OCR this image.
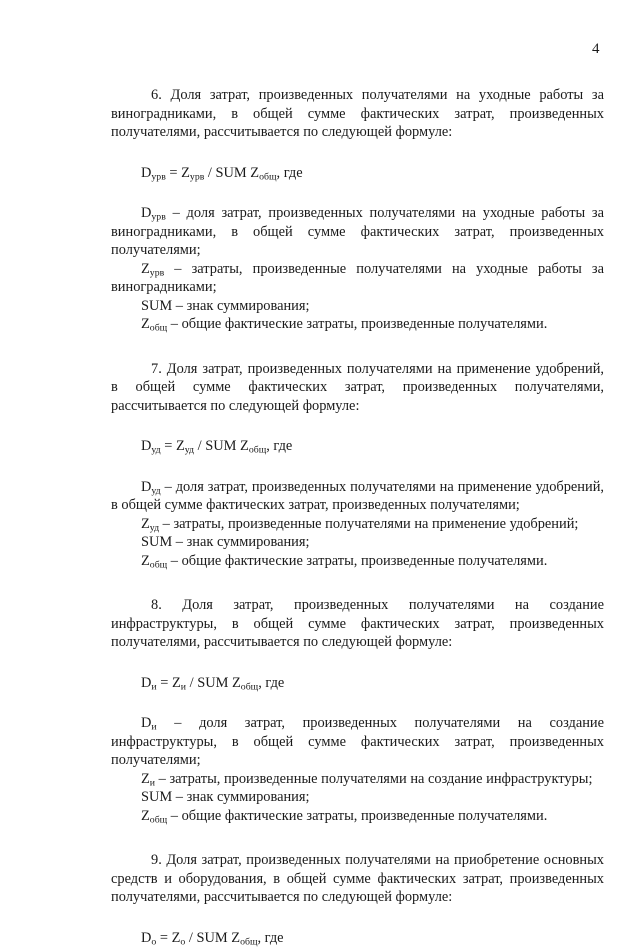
4

6. Доля затрат, произведенных получателями на уходные работы за виноградниками, в общей сумме фактических затрат, произведенных получателями, рассчитывается по следующей формуле:

$D_{урв} = Z_{урв}$ / SUM $Z_{общ}$, где

$D_{урв}$ – доля затрат, произведенных получателями на уходные работы за виноградниками, в общей сумме фактических затрат, произведенных получателями;

$Z_{урв}$ – затраты, произведенные получателями на уходные работы за виноградниками;

SUM – знак суммирования;

$Z_{общ}$ – общие фактические затраты, произведенные получателями.

7. Доля затрат, произведенных получателями на применение удобрений, в общей сумме фактических затрат, произведенных получателями, рассчитывается по следующей формуле:

$D_{уд} = Z_{уд}$ / SUM $Z_{общ}$, где

$D_{уд}$ – доля затрат, произведенных получателями на применение удобрений, в общей сумме фактических затрат, произведенных получателями;

$Z_{уд}$ – затраты, произведенные получателями на применение удобрений;

SUM – знак суммирования;

$Z_{общ}$ – общие фактические затраты, произведенные получателями.

8. Доля затрат, произведенных получателями на создание инфраструктуры, в общей сумме фактических затрат, произведенных получателями, рассчитывается по следующей формуле:

$D_и = Z_и$ / SUM $Z_{общ}$, где

$D_и$ – доля затрат, произведенных получателями на создание инфраструктуры, в общей сумме фактических затрат, произведенных получателями;

$Z_и$ – затраты, произведенные получателями на создание инфраструктуры;

SUM – знак суммирования;

$Z_{общ}$ – общие фактические затраты, произведенные получателями.

9. Доля затрат, произведенных получателями на приобретение основных средств и оборудования, в общей сумме фактических затрат, произведенных получателями, рассчитывается по следующей формуле:

$D_о = Z_о$ / SUM $Z_{общ}$, где
